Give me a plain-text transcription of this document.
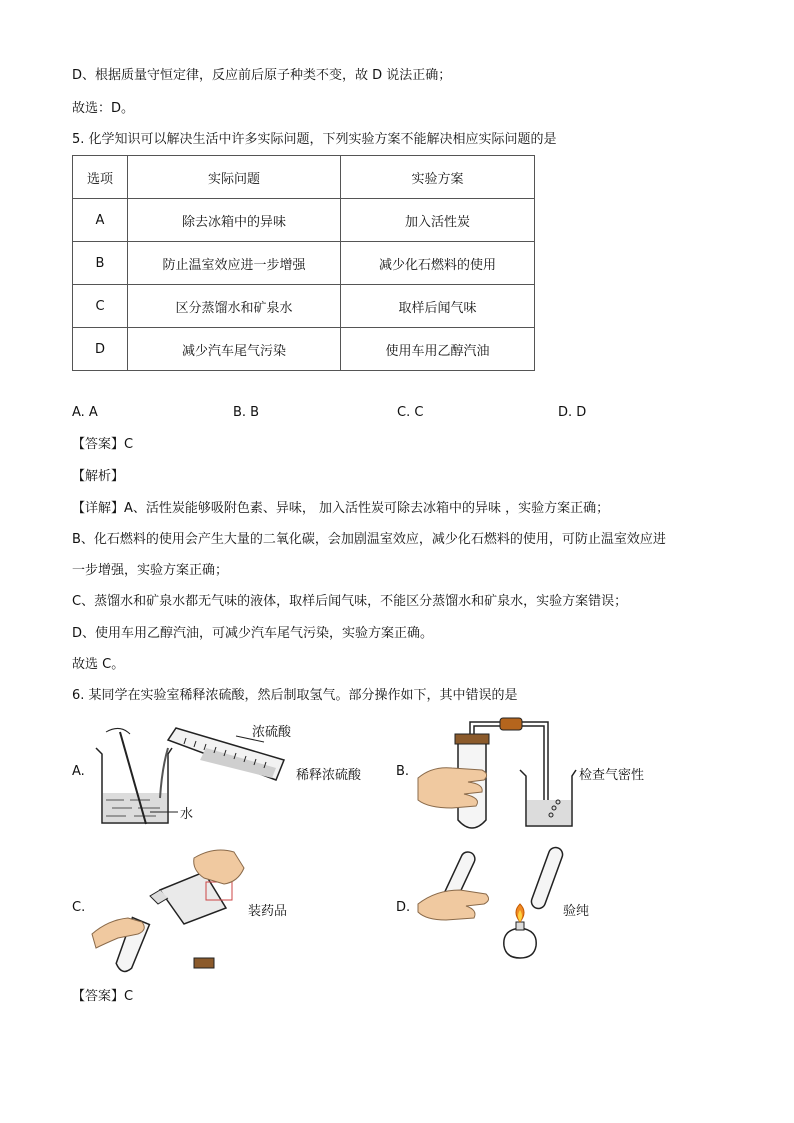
D、根据质量守恒定律，反应前后原子种类不变，故 D 说法正确；
故选：D。
5. 化学知识可以解决生活中许多实际问题，下列实验方案不能解决相应实际问题的是
选项	实际问题	实验方案
A	除去冰箱中的异味	加入活性炭
B	防止温室效应进一步增强	减少化石燃料的使用
C	区分蒸馏水和矿泉水	取样后闻气味
D	减少汽车尾气污染	使用车用乙醇汽油
A. A	B. B	C. C	D. D
【答案】C
【解析】
【详解】A、活性炭能够吸附色素、异味， 加入活性炭可除去冰箱中的异味 ，实验方案正确；
B、化石燃料的使用会产生大量的二氧化碳，会加剧温室效应，减少化石燃料的使用，可防止温室效应进
一步增强，实验方案正确；
C、蒸馏水和矿泉水都无气味的液体，取样后闻气味，不能区分蒸馏水和矿泉水，实验方案错误；
D、使用车用乙醇汽油，可减少汽车尾气污染，实验方案正确。
故选 C。
6. 某同学在实验室稀释浓硫酸，然后制取氢气。部分操作如下，其中错误的是
A.
浓硫酸
稀释浓硫酸
水
B.	检查气密性
C.	装药品	D.	验纯
【答案】C
